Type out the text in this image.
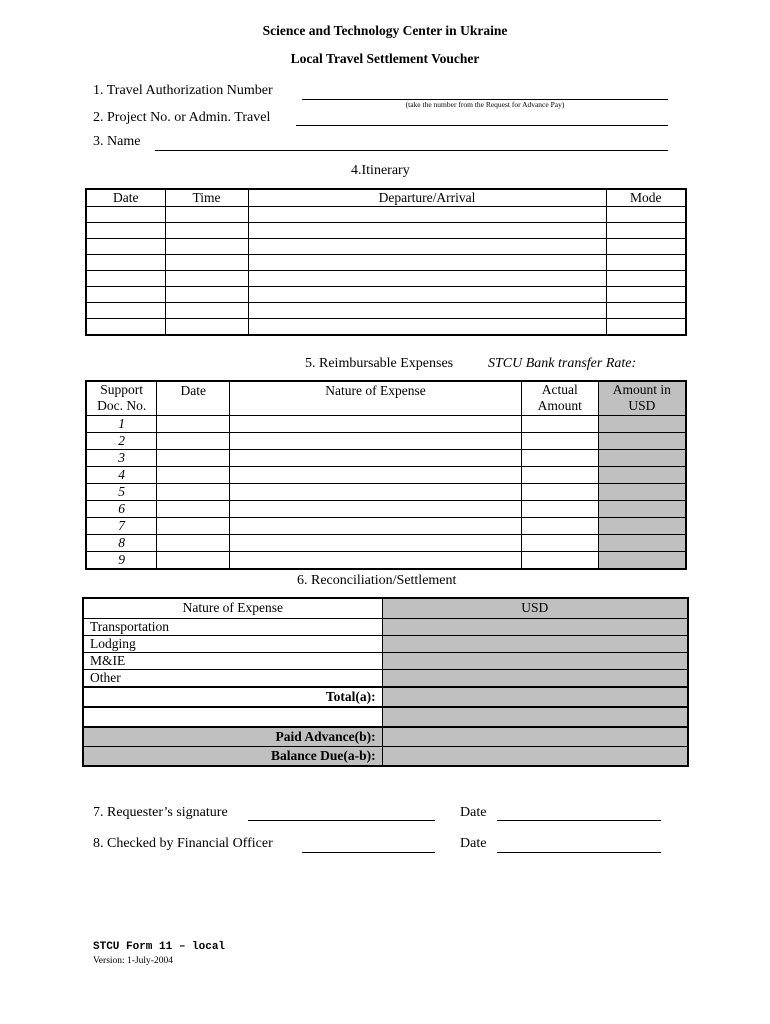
Science and Technology Center in Ukraine
Local Travel Settlement Voucher
1. Travel Authorization Number
(take the number from the Request for Advance Pay)
2. Project No. or Admin. Travel
3. Name
4.Itinerary
Date	Time	Departure/Arrival	Mode

5. Reimbursable Expenses STCU Bank transfer Rate:
Support Doc. No.	Date	Nature of Expense	Actual Amount	Amount in USD
1				
2				
3				
4				
5				
6				
7				
8				
9				
6. Reconciliation/Settlement
Nature of Expense	USD
Transportation	
Lodging	
M&IE	
Other	
Total(a):	

Paid Advance(b):	
Balance Due(a-b):	
7. Requester’s signature	Date
8. Checked by Financial Officer	Date
STCU Form 11 – local
Version: 1-July-2004
